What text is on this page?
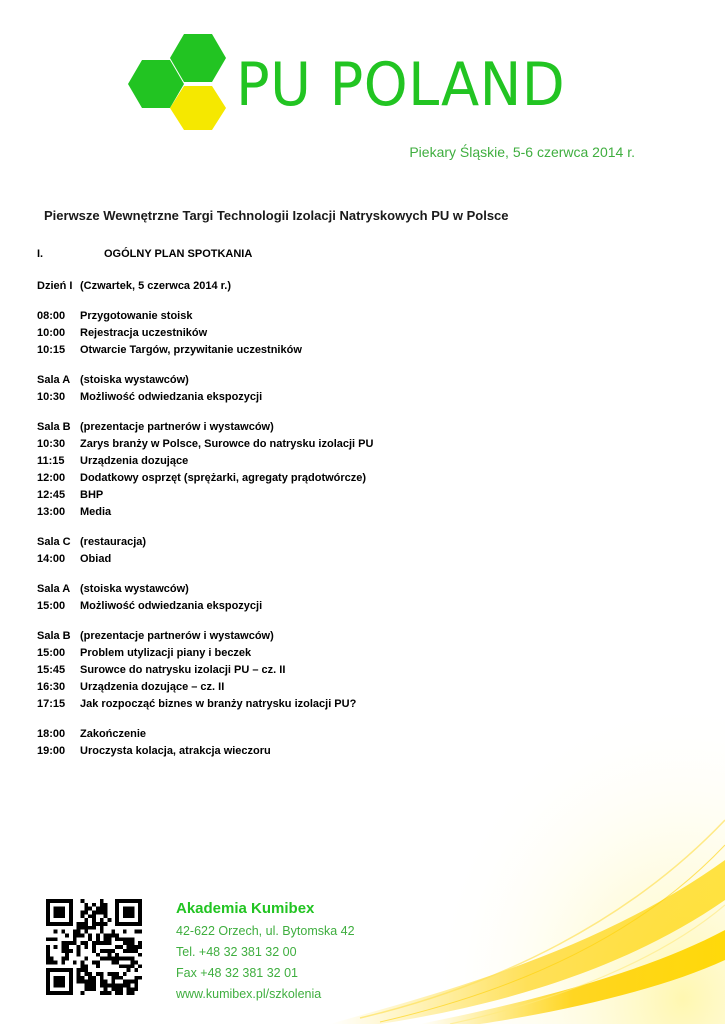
PU POLAND
Piekary Śląskie, 5-6 czerwca 2014 r.
Pierwsze Wewnętrzne Targi Technologii Izolacji Natryskowych PU w Polsce
I.	OGÓLNY PLAN SPOTKANIA
Dzień I (Czwartek, 5 czerwca 2014 r.)
08:00	Przygotowanie stoisk
10:00	Rejestracja uczestników
10:15	Otwarcie Targów, przywitanie uczestników
Sala A (stoiska wystawców)
10:30	Możliwość odwiedzania ekspozycji
Sala B (prezentacje partnerów i wystawców)
10:30	Zarys branży w Polsce, Surowce do natrysku izolacji PU
11:15	Urządzenia dozujące
12:00	Dodatkowy osprzęt (sprężarki, agregaty prądotwórcze)
12:45	BHP
13:00	Media
Sala C (restauracja)
14:00	Obiad
Sala A (stoiska wystawców)
15:00	Możliwość odwiedzania ekspozycji
Sala B (prezentacje partnerów i wystawców)
15:00	Problem utylizacji piany i beczek
15:45	Surowce do natrysku izolacji PU – cz. II
16:30	Urządzenia dozujące – cz. II
17:15	Jak rozpocząć biznes w branży natrysku izolacji PU?
18:00	Zakończenie
19:00	Uroczysta kolacja, atrakcja wieczoru
Akademia Kumibex
42-622 Orzech, ul. Bytomska 42
Tel. +48 32 381 32 00
Fax +48 32 381 32 01
www.kumibex.pl/szkolenia
